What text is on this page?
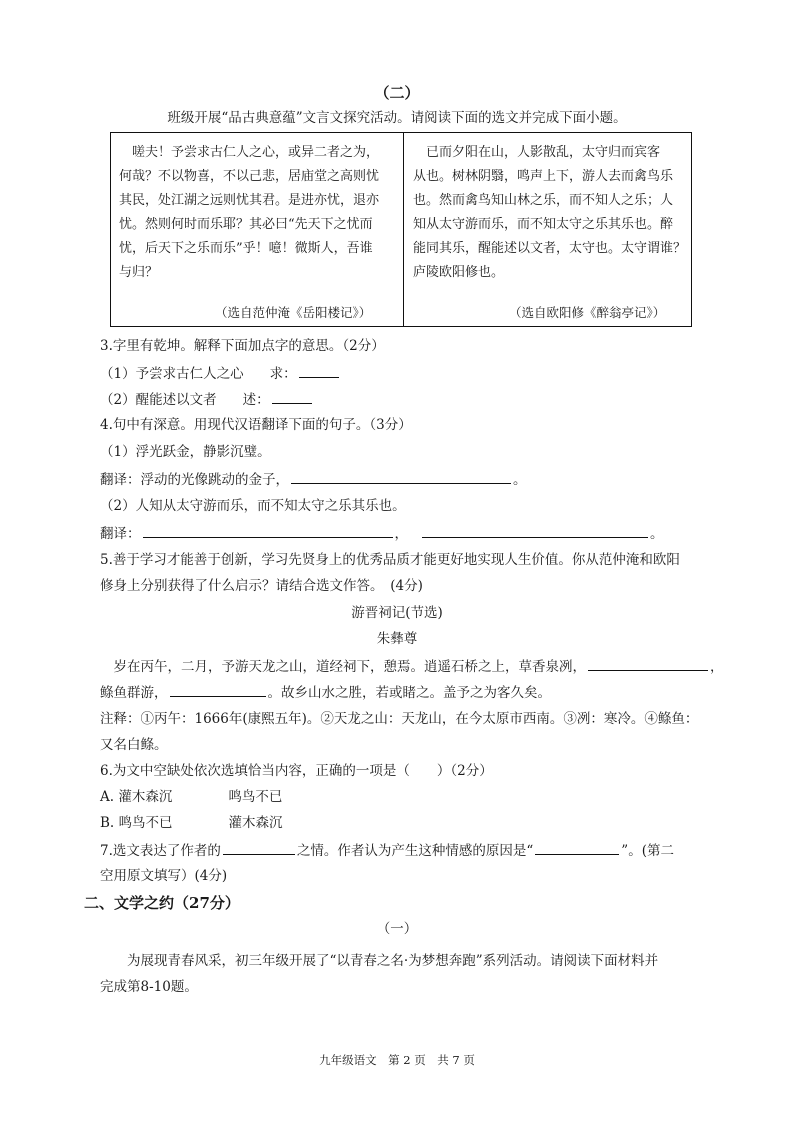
（二）
班级开展“品古典意蕴”文言文探究活动。请阅读下面的选文并完成下面小题。
　嗟夫！予尝求古仁人之心，或异二者之为，
何哉？不以物喜，不以己悲，居庙堂之高则忧
其民，处江湖之远则忧其君。是进亦忧，退亦
忧。然则何时而乐耶？其必曰“先天下之忧而
忧，后天下之乐而乐”乎！噫！微斯人，吾谁
与归？
（选自范仲淹《岳阳楼记》）
　已而夕阳在山，人影散乱，太守归而宾客
从也。树林阴翳，鸣声上下，游人去而禽鸟乐
也。然而禽鸟知山林之乐，而不知人之乐；人
知从太守游而乐，而不知太守之乐其乐也。醉
能同其乐，醒能述以文者，太守也。太守谓谁？
庐陵欧阳修也。
（选自欧阳修《醉翁亭记》）
3.字里有乾坤。解释下面加点字的意思。（2分）
（1）予尝求古仁人之心 求：
（2）醒能述以文者 述：
4.句中有深意。用现代汉语翻译下面的句子。（3分）
（1）浮光跃金，静影沉璧。
翻译：浮动的光像跳动的金子，	。
（2）人知从太守游而乐，而不知太守之乐其乐也。
翻译：	，	。
5.善于学习才能善于创新，学习先贤身上的优秀品质才能更好地实现人生价值。你从范仲淹和欧阳
修身上分别获得了什么启示？请结合选文作答。　(4分)
游晋祠记(节选)
朱彝尊
　岁在丙午，二月，予游天龙之山，道经祠下，憩焉。逍遥石桥之上，草香泉冽，	，
鲦鱼群游，	。故乡山水之胜，若或睹之。盖予之为客久矣。
注释：①丙午：1666年(康熙五年)。②天龙之山：天龙山，在今太原市西南。③冽：寒冷。④鲦鱼：
又名白鲦。
6.为文中空缺处依次选填恰当内容，正确的一项是（　　）（2分）
A. 灌木森沉	鸣鸟不已
B. 鸣鸟不已	灌木森沉
7.选文表达了作者的	之情。作者认为产生这种情感的原因是“	”。(第二
空用原文填写）(4分)
二、文学之约（27分）
（一）
　　为展现青春风采，初三年级开展了“以青春之名·为梦想奔跑”系列活动。请阅读下面材料并
完成第8-10题。
九年级语文　第 2 页　共 7 页
